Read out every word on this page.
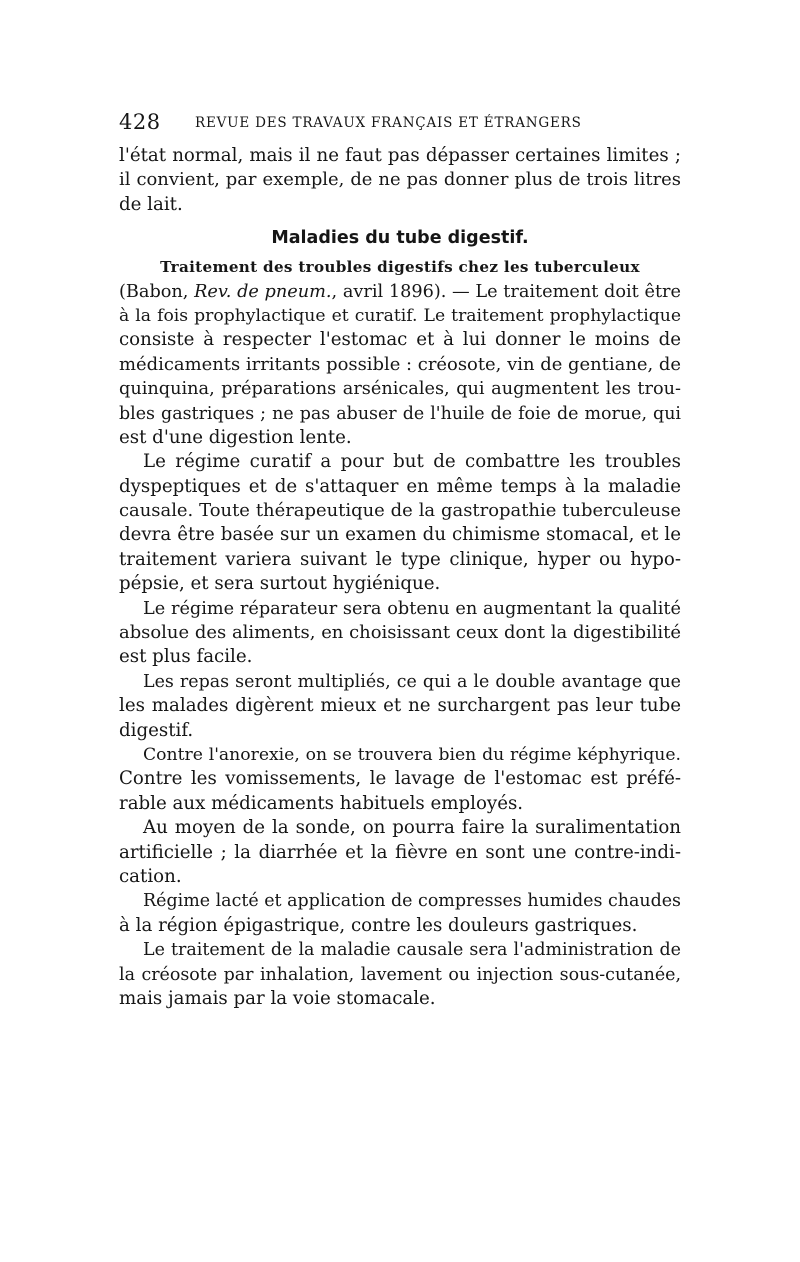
428	REVUE DES TRAVAUX FRANÇAIS ET ÉTRANGERS
l'état normal, mais il ne faut pas dépasser certaines limites ;
il convient, par exemple, de ne pas donner plus de trois litres
de lait.
Maladies du tube digestif.
Traitement des troubles digestifs chez les tuberculeux
(Babon, Rev. de pneum., avril 1896). — Le traitement doit être
à la fois prophylactique et curatif. Le traitement prophylactique
consiste à respecter l'estomac et à lui donner le moins de
médicaments irritants possible : créosote, vin de gentiane, de
quinquina, préparations arsénicales, qui augmentent les trou-
bles gastriques ; ne pas abuser de l'huile de foie de morue, qui
est d'une digestion lente.
Le régime curatif a pour but de combattre les troubles
dyspeptiques et de s'attaquer en même temps à la maladie
causale. Toute thérapeutique de la gastropathie tuberculeuse
devra être basée sur un examen du chimisme stomacal, et le
traitement variera suivant le type clinique, hyper ou hypo-
pépsie, et sera surtout hygiénique.
Le régime réparateur sera obtenu en augmentant la qualité
absolue des aliments, en choisissant ceux dont la digestibilité
est plus facile.
Les repas seront multipliés, ce qui a le double avantage que
les malades digèrent mieux et ne surchargent pas leur tube
digestif.
Contre l'anorexie, on se trouvera bien du régime képhyrique.
Contre les vomissements, le lavage de l'estomac est préfé-
rable aux médicaments habituels employés.
Au moyen de la sonde, on pourra faire la suralimentation
artificielle ; la diarrhée et la fièvre en sont une contre-indi-
cation.
Régime lacté et application de compresses humides chaudes
à la région épigastrique, contre les douleurs gastriques.
Le traitement de la maladie causale sera l'administration de
la créosote par inhalation, lavement ou injection sous-cutanée,
mais jamais par la voie stomacale.
